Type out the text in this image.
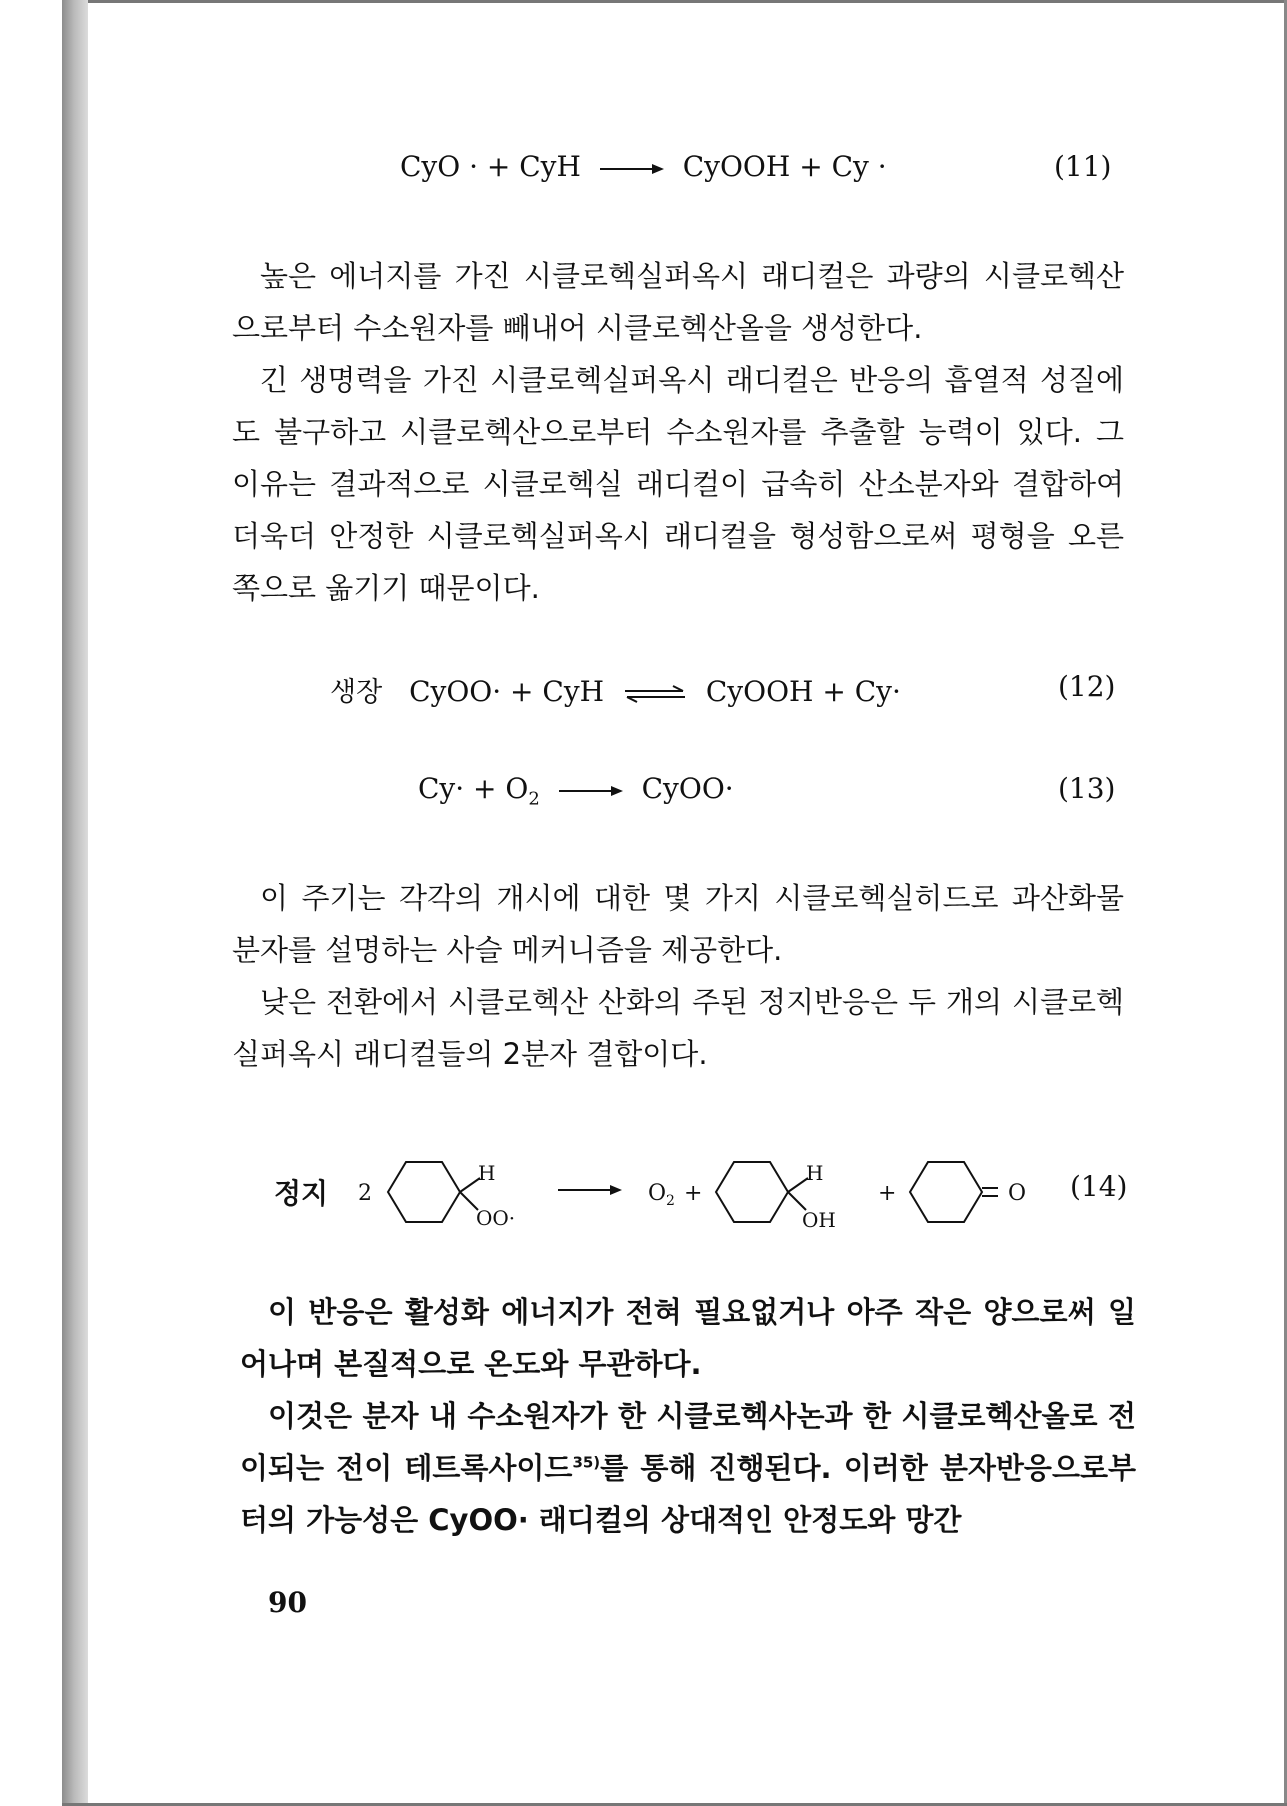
CyO · + CyH → CyOOH + Cy ·	(11)

높은 에너지를 가진 시클로헥실퍼옥시 래디컬은 과량의 시클로헥산으로부터 수소원자를 빼내어 시클로헥산올을 생성한다.

긴 생명력을 가진 시클로헥실퍼옥시 래디컬은 반응의 흡열적 성질에도 불구하고 시클로헥산으로부터 수소원자를 추출할 능력이 있다. 그 이유는 결과적으로 시클로헥실 래디컬이 급속히 산소분자와 결합하여 더욱더 안정한 시클로헥실퍼옥시 래디컬을 형성함으로써 평형을 오른쪽으로 옮기기 때문이다.

생장 CyOO· + CyH ⇌ CyOOH + Cy·	(12)
$Cy\cdot + O_2$ → CyOO·	(13)

이 주기는 각각의 개시에 대한 몇 가지 시클로헥실히드로 과산화물 분자를 설명하는 사슬 메커니즘을 제공한다.

낮은 전환에서 시클로헥산 산화의 주된 정지반응은 두 개의 시클로헥실퍼옥시 래디컬들의 2분자 결합이다.

정지 2
H
OO·
$O_2$ +
H
OH
+	O (14)

이 반응은 활성화 에너지가 전혀 필요없거나 아주 작은 양으로써 일어나며 본질적으로 온도와 무관하다.

이것은 분자 내 수소원자가 한 시클로헥사논과 한 시클로헥산올로 전이되는 전이 테트록사이드$^{35)}$를 통해 진행된다. 이러한 분자반응으로부터의 가능성은 CyOO· 래디컬의 상대적인 안정도와 망간

90
